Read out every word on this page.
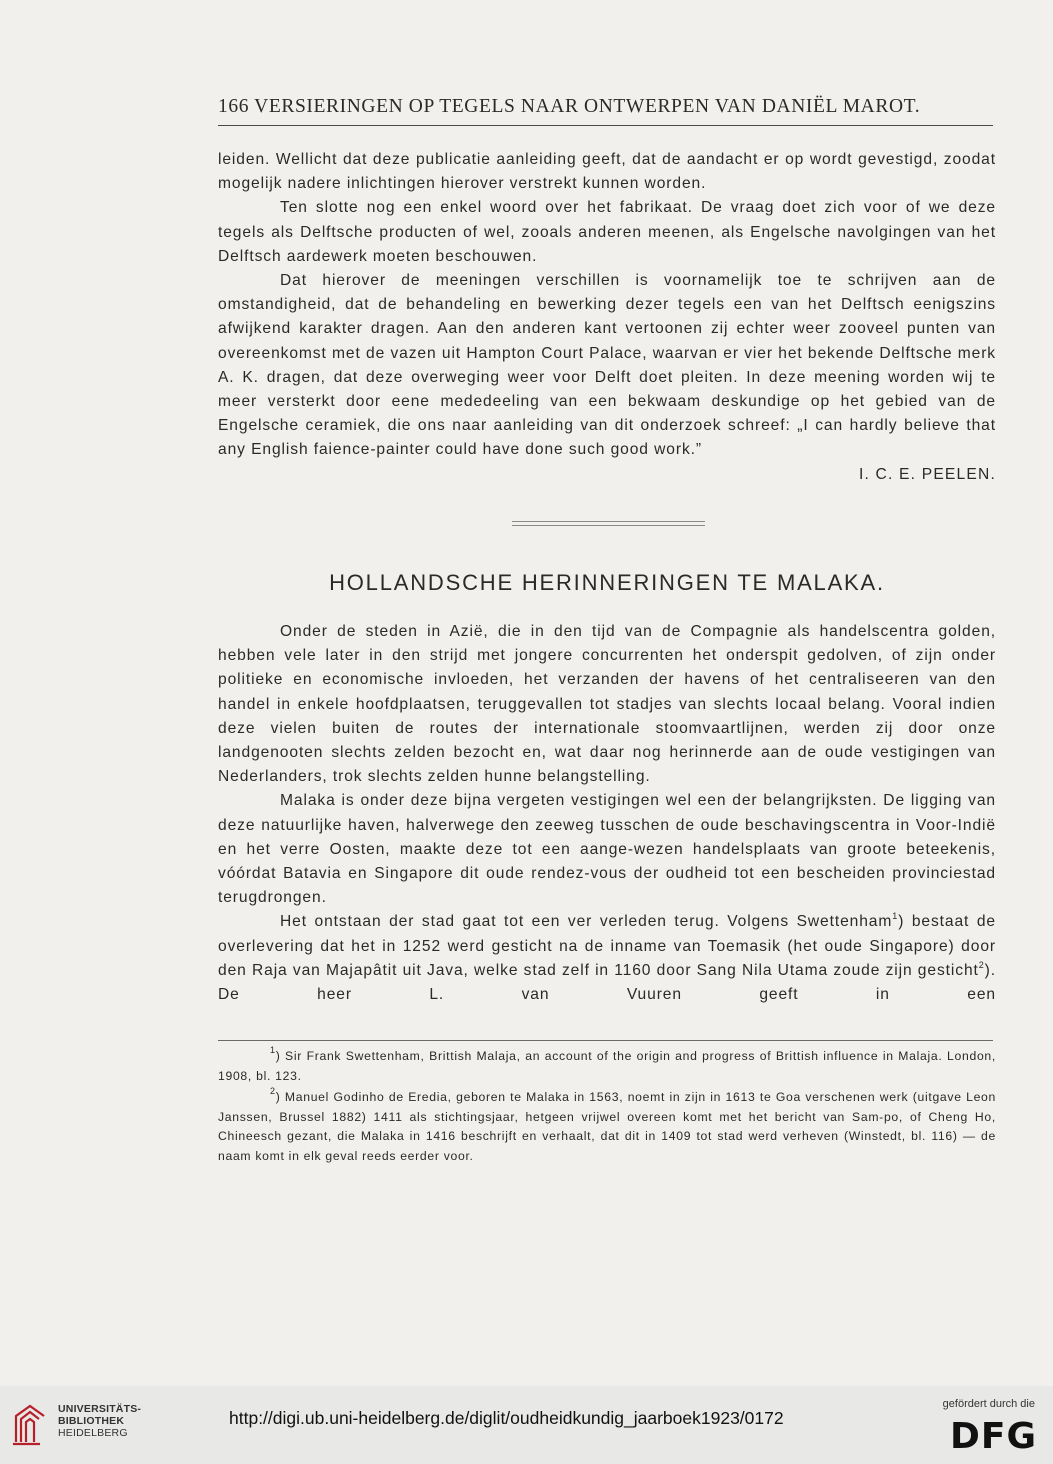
166 VERSIERINGEN OP TEGELS NAAR ONTWERPEN VAN DANIËL MAROT.

leiden. Wellicht dat deze publicatie aanleiding geeft, dat de aandacht er op wordt gevestigd, zoodat mogelijk nadere inlichtingen hierover verstrekt kunnen worden.

Ten slotte nog een enkel woord over het fabrikaat. De vraag doet zich voor of we deze tegels als Delftsche producten of wel, zooals anderen meenen, als Engelsche navolgingen van het Delftsch aardewerk moeten beschouwen.

Dat hierover de meeningen verschillen is voornamelijk toe te schrijven aan de omstandigheid, dat de behandeling en bewerking dezer tegels een van het Delftsch eenigszins afwijkend karakter dragen. Aan den anderen kant vertoonen zij echter weer zooveel punten van overeenkomst met de vazen uit Hampton Court Palace, waarvan er vier het bekende Delftsche merk A. K. dragen, dat deze overweging weer voor Delft doet pleiten. In deze meening worden wij te meer versterkt door eene mededeeling van een bekwaam deskundige op het gebied van de Engelsche ceramiek, die ons naar aanleiding van dit onderzoek schreef: „I can hardly believe that any English faience-painter could have done such good work.”

I. C. E. PEELEN.

HOLLANDSCHE HERINNERINGEN TE MALAKA.

Onder de steden in Azië, die in den tijd van de Compagnie als handelscentra golden, hebben vele later in den strijd met jongere concurrenten het onderspit gedolven, of zijn onder politieke en economische invloeden, het verzanden der havens of het centraliseeren van den handel in enkele hoofdplaatsen, teruggevallen tot stadjes van slechts locaal belang. Vooral indien deze vielen buiten de routes der internationale stoomvaartlijnen, werden zij door onze landgenooten slechts zelden bezocht en, wat daar nog herinnerde aan de oude vestigingen van Nederlanders, trok slechts zelden hunne belangstelling.

Malaka is onder deze bijna vergeten vestigingen wel een der belangrijksten. De ligging van deze natuurlijke haven, halverwege den zeeweg tusschen de oude beschavingscentra in Voor-Indië en het verre Oosten, maakte deze tot een aange-wezen handelsplaats van groote beteekenis, vóórdat Batavia en Singapore dit oude rendez-vous der oudheid tot een bescheiden provinciestad terugdrongen.

Het ontstaan der stad gaat tot een ver verleden terug. Volgens Swettenham$^1$) bestaat de overlevering dat het in 1252 werd gesticht na de inname van Toemasik (het oude Singapore) door den Raja van Majapâtit uit Java, welke stad zelf in 1160 door Sang Nila Utama zoude zijn gesticht$^2$). De heer L. van Vuuren geeft in een

$^1$) Sir Frank Swettenham, Brittish Malaja, an account of the origin and progress of Brittish influence in Malaja. London, 1908, bl. 123.

$^2$) Manuel Godinho de Eredia, geboren te Malaka in 1563, noemt in zijn in 1613 te Goa verschenen werk (uitgave Leon Janssen, Brussel 1882) 1411 als stichtingsjaar, hetgeen vrijwel overeen komt met het bericht van Sam-po, of Cheng Ho, Chineesch gezant, die Malaka in 1416 beschrijft en verhaalt, dat dit in 1409 tot stad werd verheven (Winstedt, bl. 116) — de naam komt in elk geval reeds eerder voor.

UNIVERSITÄTS-
BIBLIOTHEK
HEIDELBERG
http://digi.ub.uni-heidelberg.de/diglit/oudheidkundig_jaarboek1923/0172
gefördert durch die
DFG
